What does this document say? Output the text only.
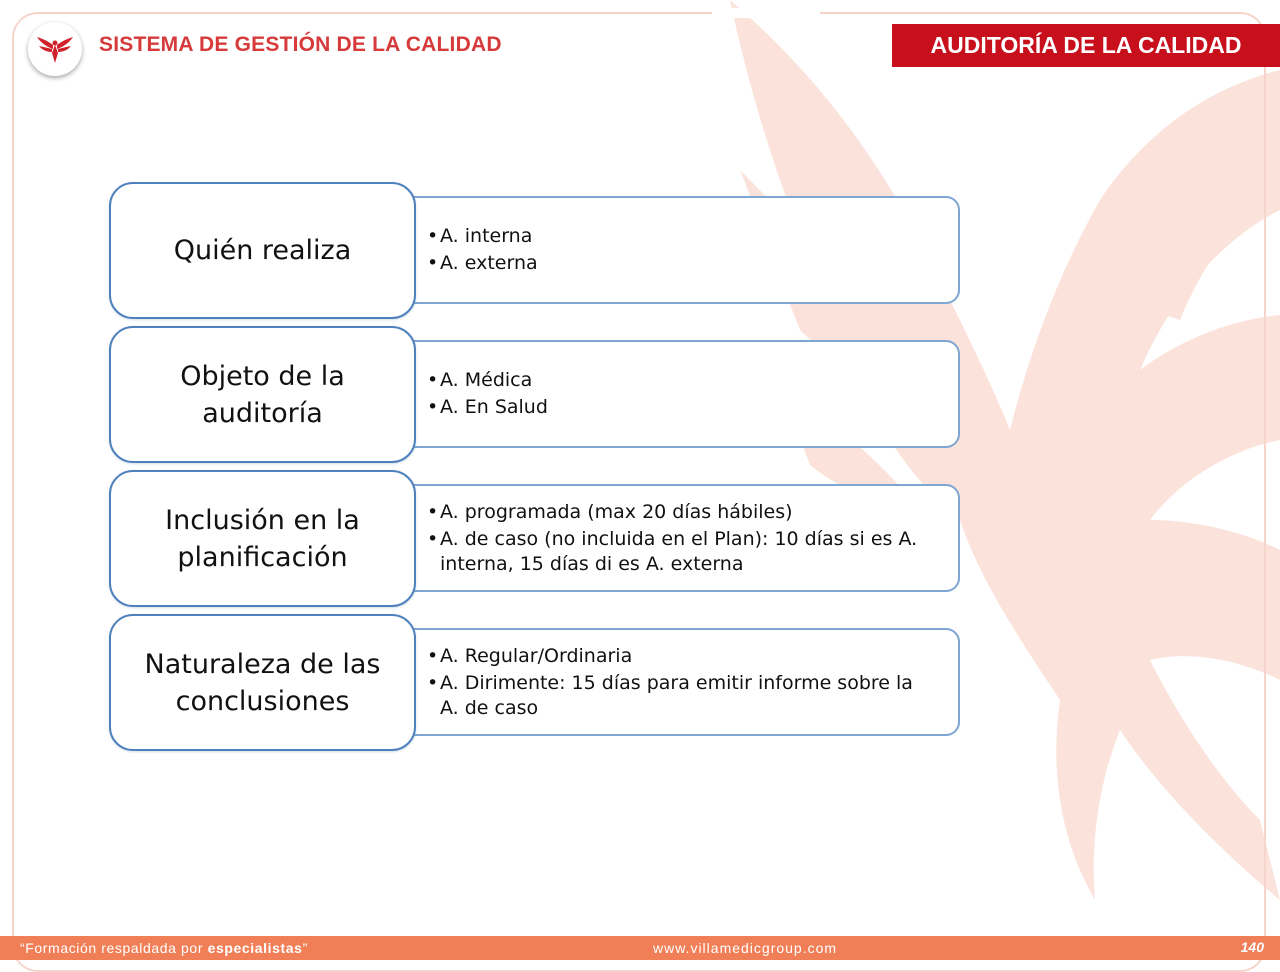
SISTEMA DE GESTIÓN DE LA CALIDAD	AUDITORÍA DE LA CALIDAD
• A. interna
• A. externa
Quién realiza
• A. Médica
• A. En Salud
Objeto de la auditoría
• A. programada (max 20 días hábiles)
• A. de caso (no incluida en el Plan): 10 días si es A. interna, 15 días di es A. externa
Inclusión en la planificación
• A. Regular/Ordinaria
• A. Dirimente: 15 días para emitir informe sobre la A. de caso
Naturaleza de las conclusiones
“Formación respaldada por especialistas”	www.villamedicgroup.com	140
